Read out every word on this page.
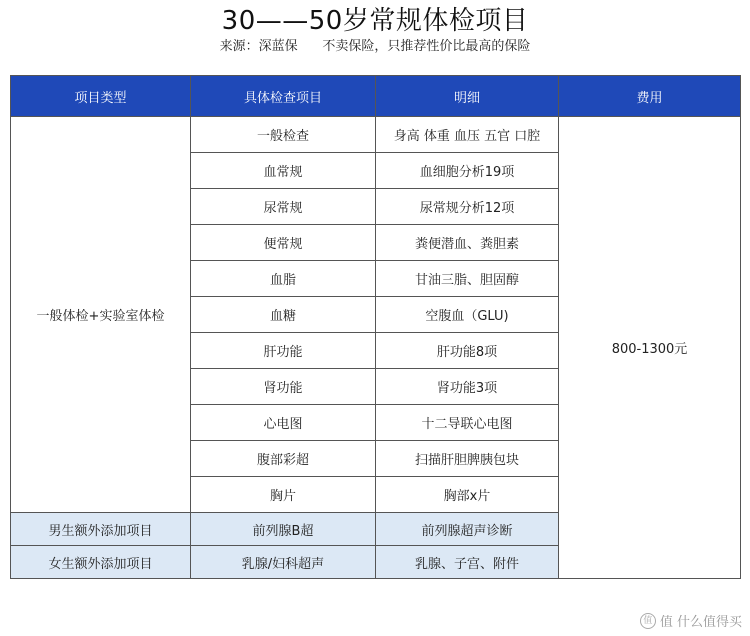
30——50岁常规体检项目
来源：深蓝保      不卖保险，只推荐性价比最高的保险
项目类型	具体检查项目	明细	费用
一般体检+实验室体检	一般检查	身高 体重 血压 五官 口腔	800-1300元
	血常规	血细胞分析19项	
	尿常规	尿常规分析12项	
	便常规	粪便潜血、粪胆素	
	血脂	甘油三脂、胆固醇	
	血糖	空腹血（GLU)	
	肝功能	肝功能8项	
	肾功能	肾功能3项	
	心电图	十二导联心电图	
	腹部彩超	扫描肝胆脾胰包块	
	胸片	胸部x片	
男生额外添加项目	前列腺B超	前列腺超声诊断	
女生额外添加项目	乳腺/妇科超声	乳腺、子宫、附件	
值 值 什么值得买
